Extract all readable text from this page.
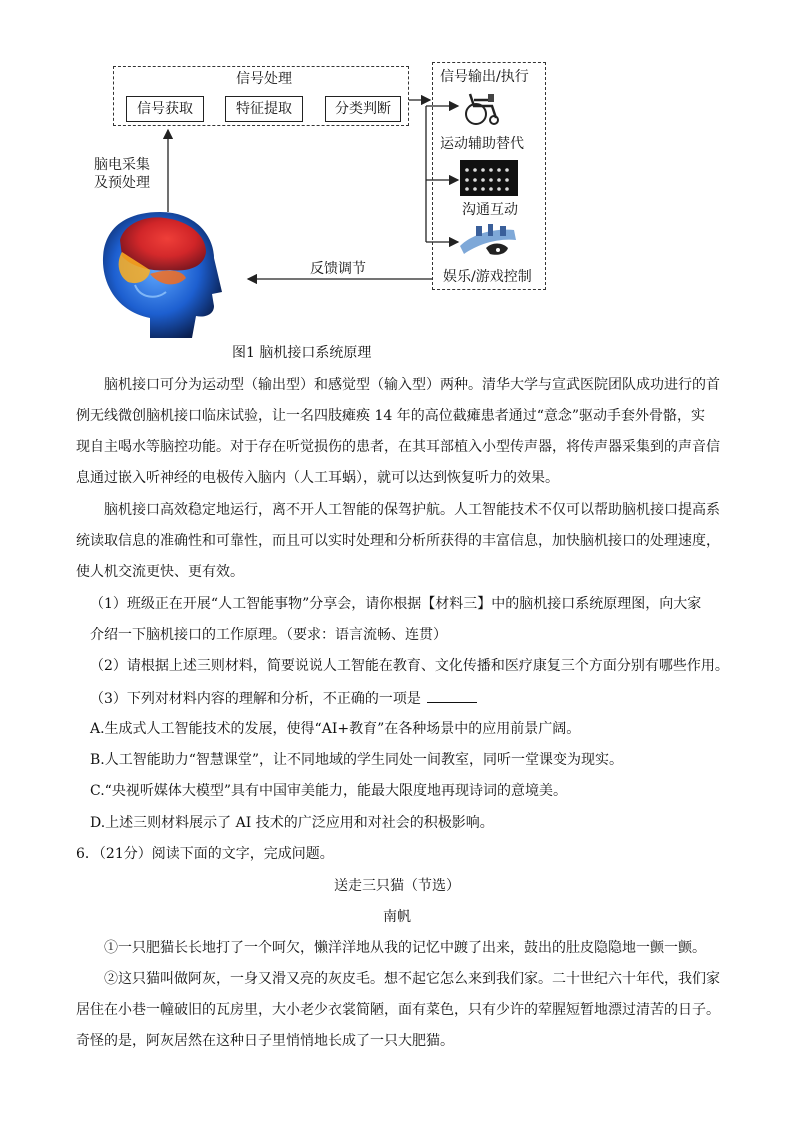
信号处理
信号获取	特征提取	分类判断
脑电采集
及预处理
信号输出/执行
运动辅助替代
沟通互动
娱乐/游戏控制
反馈调节
图1 脑机接口系统原理
脑机接口可分为运动型（输出型）和感觉型（输入型）两种。清华大学与宣武医院团队成功进行的首
例无线微创脑机接口临床试验，让一名四肢瘫痪 14 年的高位截瘫患者通过“意念”驱动手套外骨骼，实
现自主喝水等脑控功能。对于存在听觉损伤的患者，在其耳部植入小型传声器，将传声器采集到的声音信
息通过嵌入听神经的电极传入脑内（人工耳蜗），就可以达到恢复听力的效果。
脑机接口高效稳定地运行，离不开人工智能的保驾护航。人工智能技术不仅可以帮助脑机接口提高系
统读取信息的准确性和可靠性，而且可以实时处理和分析所获得的丰富信息，加快脑机接口的处理速度，
使人机交流更快、更有效。
（1）班级正在开展“人工智能事物”分享会，请你根据【材料三】中的脑机接口系统原理图，向大家
介绍一下脑机接口的工作原理。（要求：语言流畅、连贯）
（2）请根据上述三则材料，简要说说人工智能在教育、文化传播和医疗康复三个方面分别有哪些作用。
（3）下列对材料内容的理解和分析，不正确的一项是
A.生成式人工智能技术的发展，使得“AI+教育”在各种场景中的应用前景广阔。
B.人工智能助力“智慧课堂”，让不同地域的学生同处一间教室，同听一堂课变为现实。
C.“央视听媒体大模型”具有中国审美能力，能最大限度地再现诗词的意境美。
D.上述三则材料展示了 AI 技术的广泛应用和对社会的积极影响。
6．（21分）阅读下面的文字，完成问题。
送走三只猫（节选）
南帆
①一只肥猫长长地打了一个呵欠，懒洋洋地从我的记忆中踱了出来，鼓出的肚皮隐隐地一颤一颤。
②这只猫叫做阿灰，一身又滑又亮的灰皮毛。想不起它怎么来到我们家。二十世纪六十年代，我们家
居住在小巷一幢破旧的瓦房里，大小老少衣裳简陋，面有菜色，只有少许的荤腥短暂地漂过清苦的日子。
奇怪的是，阿灰居然在这种日子里悄悄地长成了一只大肥猫。
